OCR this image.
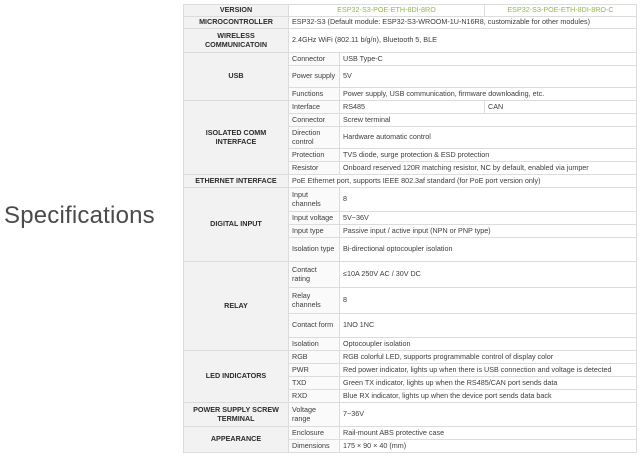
Specifications
VERSION	ESP32-S3-POE-ETH-8DI-8RO		ESP32-S3-POE-ETH-8DI-8RO-C
MICROCONTROLLER	ESP32-S3 (Default module: ESP32-S3-WROOM-1U-N16R8, customizable for other modules)		
WIRELESS COMMUNICATOIN	2.4GHz WiFi (802.11 b/g/n), Bluetooth 5, BLE		
USB	Connector	USB Type-C	
	Power supply	5V	
	Functions	Power supply, USB communication, firmware downloading, etc.	
ISOLATED COMM INTERFACE	Interface	RS485	CAN
	Connector	Screw terminal	
	Direction control	Hardware automatic control	
	Protection	TVS diode, surge protection & ESD protection	
	Resistor	Onboard reserved 120R matching resistor, NC by default, enabled via jumper	
ETHERNET INTERFACE	PoE Ethernet port, supports IEEE 802.3af standard (for PoE port version only)		
DIGITAL INPUT	Input channels	8	
	Input voltage	5V~36V	
	Input type	Passive input / active input (NPN or PNP type)	
	Isolation type	Bi-directional optocoupler isolation	
RELAY	Contact rating	≤10A 250V AC / 30V DC	
	Relay channels	8	
	Contact form	1NO 1NC	
	Isolation	Optocoupler isolation	
LED INDICATORS	RGB	RGB colorful LED, supports programmable control of display color	
	PWR	Red power indicator, lights up when there is USB connection and voltage is detected	
	TXD	Green TX indicator, lights up when the RS485/CAN port sends data	
	RXD	Blue RX indicator, lights up when the device port sends data back	
POWER SUPPLY SCREW TERMINAL	Voltage range	7~36V	
APPEARANCE	Enclosure	Rail-mount ABS protective case	
	Dimensions	175 × 90 × 40 (mm)	
